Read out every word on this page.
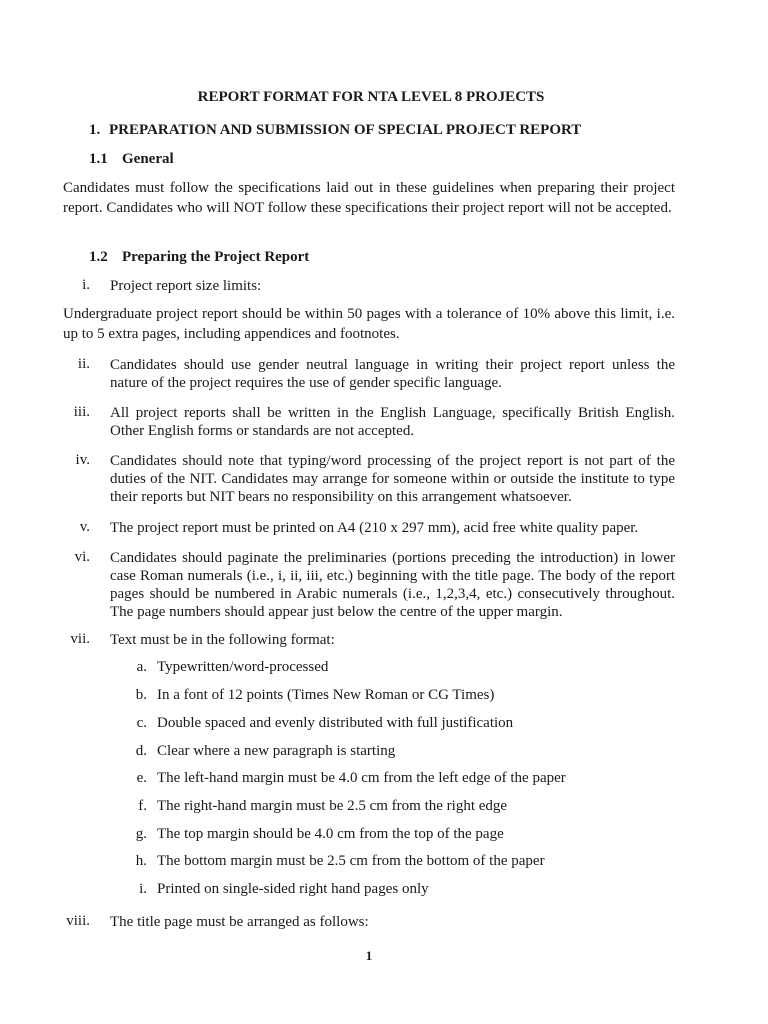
REPORT FORMAT FOR NTA LEVEL 8 PROJECTS
1. PREPARATION AND SUBMISSION OF SPECIAL PROJECT REPORT
1.1 General
Candidates must follow the specifications laid out in these guidelines when preparing their project report. Candidates who will NOT follow these specifications their project report will not be accepted.
1.2 Preparing the Project Report
i. Project report size limits:
Undergraduate project report should be within 50 pages with a tolerance of 10% above this limit, i.e. up to 5 extra pages, including appendices and footnotes.
ii. Candidates should use gender neutral language in writing their project report unless the nature of the project requires the use of gender specific language.
iii. All project reports shall be written in the English Language, specifically British English. Other English forms or standards are not accepted.
iv. Candidates should note that typing/word processing of the project report is not part of the duties of the NIT. Candidates may arrange for someone within or outside the institute to type their reports but NIT bears no responsibility on this arrangement whatsoever.
v. The project report must be printed on A4 (210 x 297 mm), acid free white quality paper.
vi. Candidates should paginate the preliminaries (portions preceding the introduction) in lower case Roman numerals (i.e., i, ii, iii, etc.) beginning with the title page. The body of the report pages should be numbered in Arabic numerals (i.e., 1,2,3,4, etc.) consecutively throughout. The page numbers should appear just below the centre of the upper margin.
vii. Text must be in the following format:
a. Typewritten/word-processed
b. In a font of 12 points (Times New Roman or CG Times)
c. Double spaced and evenly distributed with full justification
d. Clear where a new paragraph is starting
e. The left-hand margin must be 4.0 cm from the left edge of the paper
f. The right-hand margin must be 2.5 cm from the right edge
g. The top margin should be 4.0 cm from the top of the page
h. The bottom margin must be 2.5 cm from the bottom of the paper
i. Printed on single-sided right hand pages only
viii. The title page must be arranged as follows:
1
